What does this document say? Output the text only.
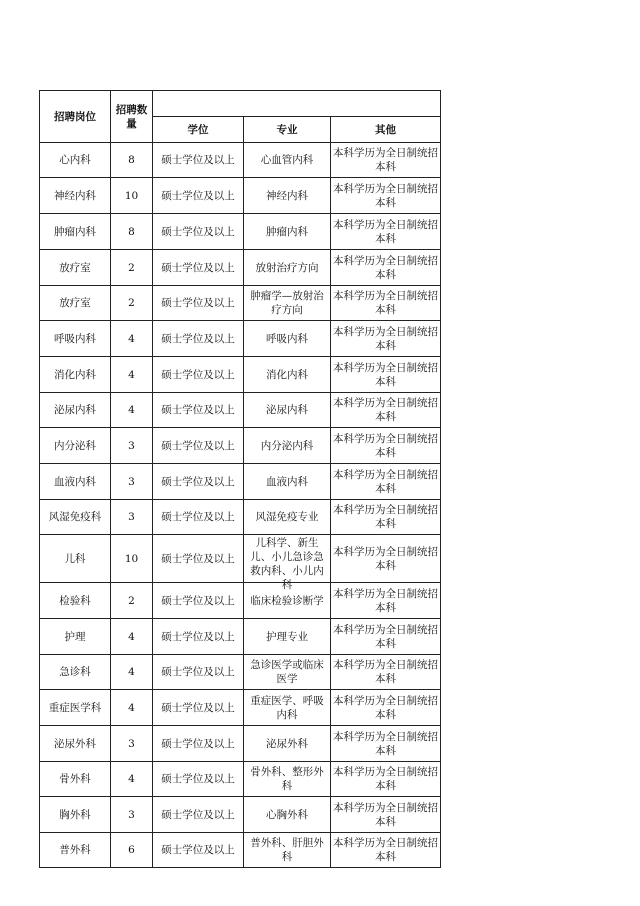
招聘岗位	招聘数量			
		学位	专业	其他

心内科	8	硕士学位及以上	心血管内科	本科学历为全日制统招本科

神经内科	10	硕士学位及以上	神经内科	本科学历为全日制统招本科

肿瘤内科	8	硕士学位及以上	肿瘤内科	本科学历为全日制统招本科

放疗室	2	硕士学位及以上	放射治疗方向	本科学历为全日制统招本科

放疗室	2	硕士学位及以上	肿瘤学—放射治疗方向	本科学历为全日制统招本科

呼吸内科	4	硕士学位及以上	呼吸内科	本科学历为全日制统招本科

消化内科	4	硕士学位及以上	消化内科	本科学历为全日制统招本科

泌尿内科	4	硕士学位及以上	泌尿内科	本科学历为全日制统招本科

内分泌科	3	硕士学位及以上	内分泌内科	本科学历为全日制统招本科

血液内科	3	硕士学位及以上	血液内科	本科学历为全日制统招本科

风湿免疫科	3	硕士学位及以上	风湿免疫专业	本科学历为全日制统招本科

儿科	10	硕士学位及以上	儿科学、新生儿、小儿急诊急救内科、小儿内科	本科学历为全日制统招本科

检验科	2	硕士学位及以上	临床检验诊断学	本科学历为全日制统招本科

护理	4	硕士学位及以上	护理专业	本科学历为全日制统招本科

急诊科	4	硕士学位及以上	急诊医学或临床医学	本科学历为全日制统招本科

重症医学科	4	硕士学位及以上	重症医学、呼吸内科	本科学历为全日制统招本科

泌尿外科	3	硕士学位及以上	泌尿外科	本科学历为全日制统招本科

骨外科	4	硕士学位及以上	骨外科、整形外科	本科学历为全日制统招本科

胸外科	3	硕士学位及以上	心胸外科	本科学历为全日制统招本科

普外科	6	硕士学位及以上	普外科、肝胆外科	本科学历为全日制统招本科
